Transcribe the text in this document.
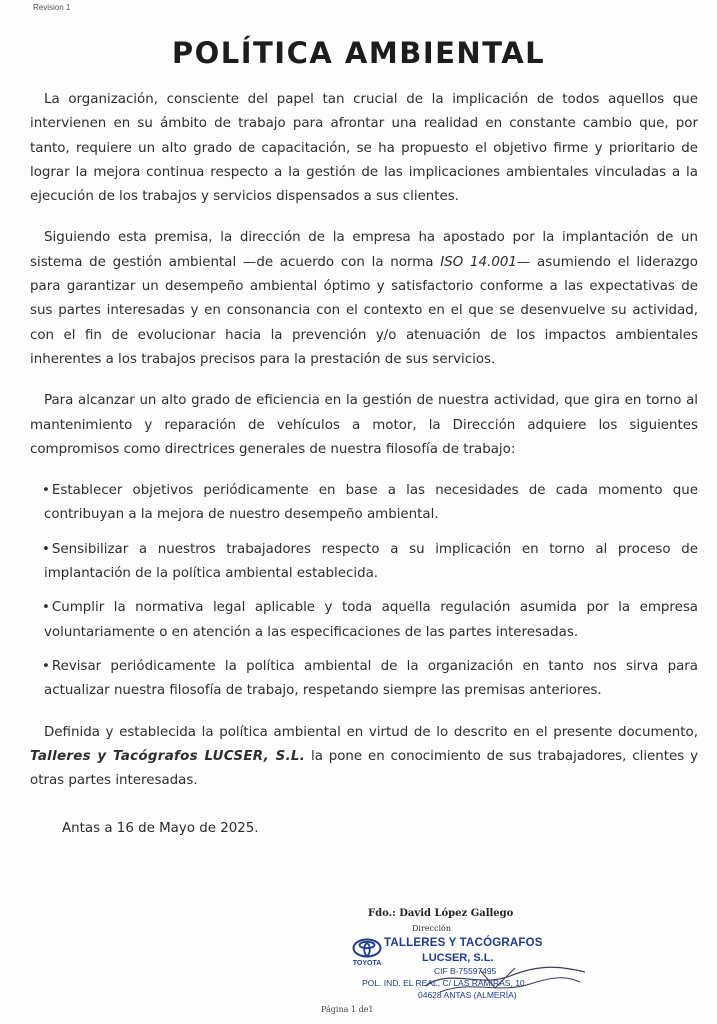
Revision 1
POLÍTICA AMBIENTAL

La organización, consciente del papel tan crucial de la implicación de todos aquellos que intervienen en su ámbito de trabajo para afrontar una realidad en constante cambio que, por tanto, requiere un alto grado de capacitación, se ha propuesto el objetivo firme y prioritario de lograr la mejora continua respecto a la gestión de las implicaciones ambientales vinculadas a la ejecución de los trabajos y servicios dispensados a sus clientes.

Siguiendo esta premisa, la dirección de la empresa ha apostado por la implantación de un sistema de gestión ambiental —de acuerdo con la norma ISO 14.001— asumiendo el liderazgo para garantizar un desempeño ambiental óptimo y satisfactorio conforme a las expectativas de sus partes interesadas y en consonancia con el contexto en el que se desenvuelve su actividad, con el fin de evolucionar hacia la prevención y/o atenuación de los impactos ambientales inherentes a los trabajos precisos para la prestación de sus servicios.

Para alcanzar un alto grado de eficiencia en la gestión de nuestra actividad, que gira en torno al mantenimiento y reparación de vehículos a motor, la Dirección adquiere los siguientes compromisos como directrices generales de nuestra filosofía de trabajo:

• Establecer objetivos periódicamente en base a las necesidades de cada momento que contribuyan a la mejora de nuestro desempeño ambiental.
• Sensibilizar a nuestros trabajadores respecto a su implicación en torno al proceso de implantación de la política ambiental establecida.
• Cumplir la normativa legal aplicable y toda aquella regulación asumida por la empresa voluntariamente o en atención a las especificaciones de las partes interesadas.
• Revisar periódicamente la política ambiental de la organización en tanto nos sirva para actualizar nuestra filosofía de trabajo, respetando siempre las premisas anteriores.

Definida y establecida la política ambiental en virtud de lo descrito en el presente documento, Talleres y Tacógrafos LUCSER, S.L. la pone en conocimiento de sus trabajadores, clientes y otras partes interesadas.

Antas a 16 de Mayo de 2025.
Fdo.: David López Gallego
Dirección
TOYOTA
TALLERES Y TACÓGRAFOS
LUCSER, S.L.
CIF B-75597495
POL. IND. EL REAL, C/ LAS RAMIRAS, 10
04628 ANTAS (ALMERÍA)
Página 1 de1
